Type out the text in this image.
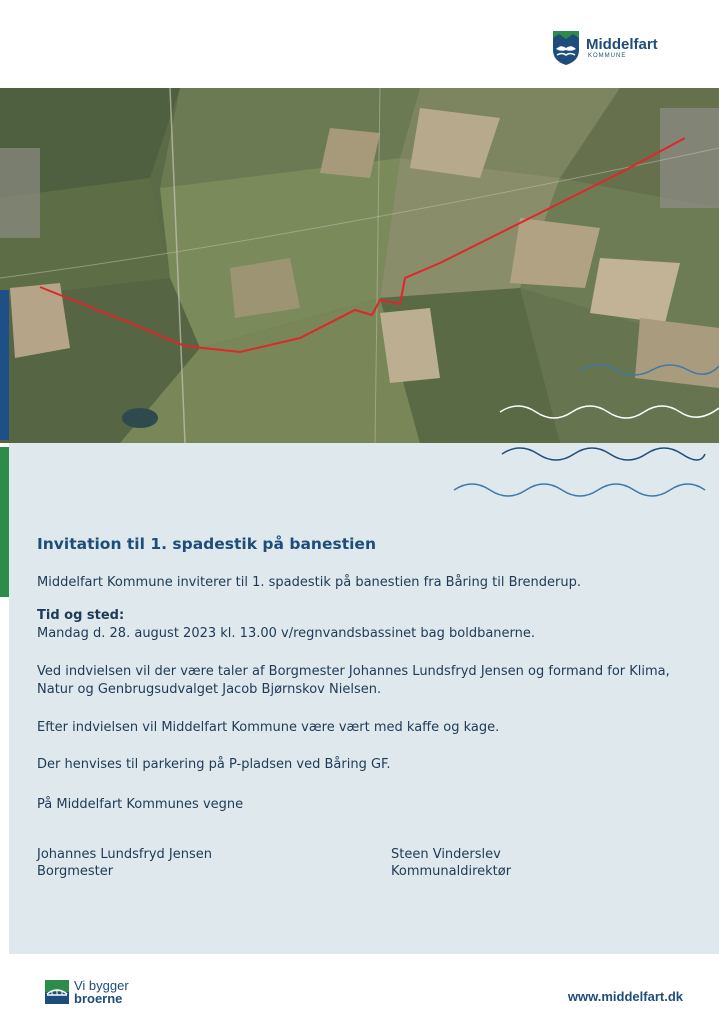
Middelfart
KOMMUNE
Invitation til 1. spadestik på banestien

Middelfart Kommune inviterer til 1. spadestik på banestien fra Båring til Brenderup.

Tid og sted:

Mandag d. 28. august 2023 kl. 13.00 v/regnvandsbassinet bag boldbanerne.

Ved indvielsen vil der være taler af Borgmester Johannes Lundsfryd Jensen og formand for Klima, Natur og Genbrugsudvalget Jacob Bjørnskov Nielsen.

Efter indvielsen vil Middelfart Kommune være vært med kaffe og kage.

Der henvises til parkering på P-pladsen ved Båring GF.

På Middelfart Kommunes vegne
Johannes Lundsfryd Jensen
Borgmester
Steen Vinderslev
Kommunaldirektør
Vi bygger
broerne	www.middelfart.dk
